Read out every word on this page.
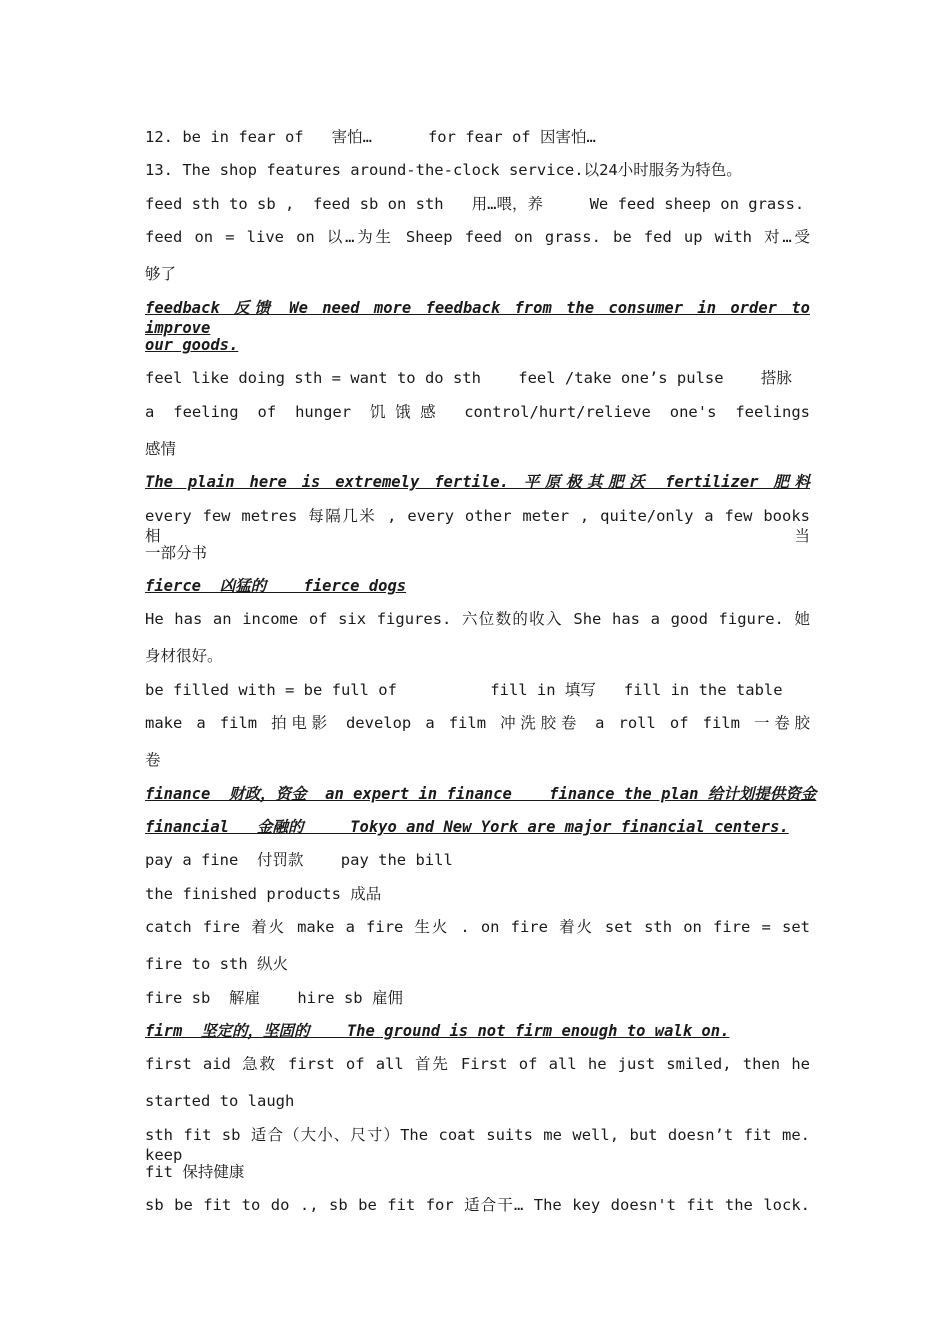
12. be in fear of   害怕…      for fear of 因害怕…
13. The shop features around-the-clock service.以24小时服务为特色。
feed sth to sb ,  feed sb on sth   用…喂，养     We feed sheep on grass.
feed on = live on 以…为生 Sheep feed on grass. be fed up with 对…受
够了
feedback 反馈 We need more feedback from the consumer in order to improve
our goods.
feel like doing sth = want to do sth    feel /take one’s pulse    搭脉
a feeling of hunger 饥饿感 control/hurt/relieve one's feelings
感情
The plain here is extremely fertile. 平原极其肥沃 fertilizer 肥料
every few metres 每隔几米 , every other meter , quite/only a few books 相当
一部分书
fierce  凶猛的    fierce dogs
He has an income of six figures. 六位数的收入 She has a good figure. 她
身材很好。
be filled with = be full of          fill in 填写   fill in the table
make a film 拍电影 develop a film 冲洗胶卷 a roll of film 一卷胶
卷
finance  财政，资金  an expert in finance    finance the plan 给计划提供资金
financial   金融的     Tokyo and New York are major financial centers.
pay a fine  付罚款    pay the bill
the finished products 成品
catch fire 着火 make a fire 生火 . on fire 着火 set sth on fire = set
fire to sth 纵火
fire sb  解雇    hire sb 雇佣
firm  坚定的，坚固的    The ground is not firm enough to walk on.
first aid 急救 first of all 首先 First of all he just smiled, then he
started to laugh
sth fit sb 适合（大小、尺寸）The coat suits me well, but doesn’t fit me. keep
fit 保持健康
sb be fit to do ., sb be fit for 适合干… The key doesn't fit the lock.
